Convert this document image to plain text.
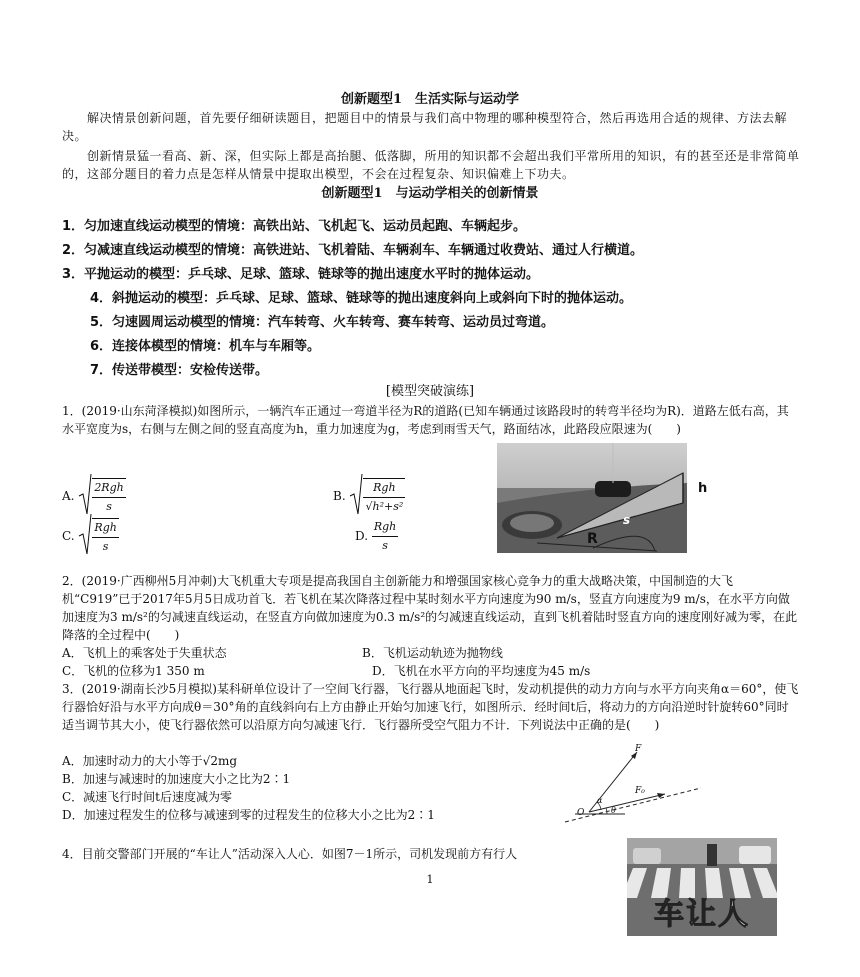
创新题型1　生活实际与运动学
　　解决情景创新问题，首先要仔细研读题目，把题目中的情景与我们高中物理的哪种模型符合，然后再选用合适的规律、方法去解决。
　　创新情景猛一看高、新、深，但实际上都是高抬腿、低落脚，所用的知识都不会超出我们平常所用的知识，有的甚至还是非常简单的，这部分题目的着力点是怎样从情景中提取出模型，不会在过程复杂、知识偏难上下功夫。
创新题型1　与运动学相关的创新情景
1．匀加速直线运动模型的情境：高铁出站、飞机起飞、运动员起跑、车辆起步。
2．匀减速直线运动模型的情境：高铁进站、飞机着陆、车辆刹车、车辆通过收费站、通过人行横道。
3．平抛运动的模型：乒乓球、足球、篮球、链球等的抛出速度水平时的抛体运动。
4．斜抛运动的模型：乒乓球、足球、篮球、链球等的抛出速度斜向上或斜向下时的抛体运动。
5．匀速圆周运动模型的情境：汽车转弯、火车转弯、赛车转弯、运动员过弯道。
6．连接体模型的情境：机车与车厢等。
7．传送带模型：安检传送带。
[模型突破演练]
1．(2019·山东菏泽模拟)如图所示，一辆汽车正通过一弯道半径为R的道路(已知车辆通过该路段时的转弯半径均为R)．道路左低右高，其水平宽度为s，右侧与左侧之间的竖直高度为h，重力加速度为g，考虑到雨雪天气，路面结冰，此路段应限速为(　　)
A. $\frac{\text{2Rgh}}{s}$	B. $\frac{\text{Rgh}}{\text{√h²+s²}}$
C. $\frac{\text{Rgh}}{s}$	D. $\frac{\text{Rgh}}{s}$
h
s
R
2．(2019·广西柳州5月冲刺)大飞机重大专项是提高我国自主创新能力和增强国家核心竞争力的重大战略决策，中国制造的大飞机“C919”已于2017年5月5日成功首飞．若飞机在某次降落过程中某时刻水平方向速度为90 m/s，竖直方向速度为9 m/s，在水平方向做加速度为3 m/s²的匀减速直线运动，在竖直方向做加速度为0.3 m/s²的匀减速直线运动，直到飞机着陆时竖直方向的速度刚好减为零，在此降落的全过程中(　　)
A．飞机上的乘客处于失重状态	B．飞机运动轨迹为抛物线
C．飞机的位移为1 350 m	D．飞机在水平方向的平均速度为45 m/s
3．(2019·湖南长沙5月模拟)某科研单位设计了一空间飞行器，飞行器从地面起飞时，发动机提供的动力方向与水平方向夹角α＝60°，使飞行器恰好沿与水平方向成θ＝30°角的直线斜向右上方由静止开始匀加速飞行，如图所示．经时间t后，将动力的方向沿逆时针旋转60°同时适当调节其大小，使飞行器依然可以沿原方向匀减速飞行．飞行器所受空气阻力不计．下列说法中正确的是(　　)
A．加速时动力的大小等于√2mg
B．加速与减速时的加速度大小之比为2∶1
C．减速飞行时间t后速度减为零
D．加速过程发生的位移与减速到零的过程发生的位移大小之比为2∶1
F
F₀
O
α
θ
4．目前交警部门开展的“车让人”活动深入人心．如图7－1所示，司机发现前方有行人
车让人
1
